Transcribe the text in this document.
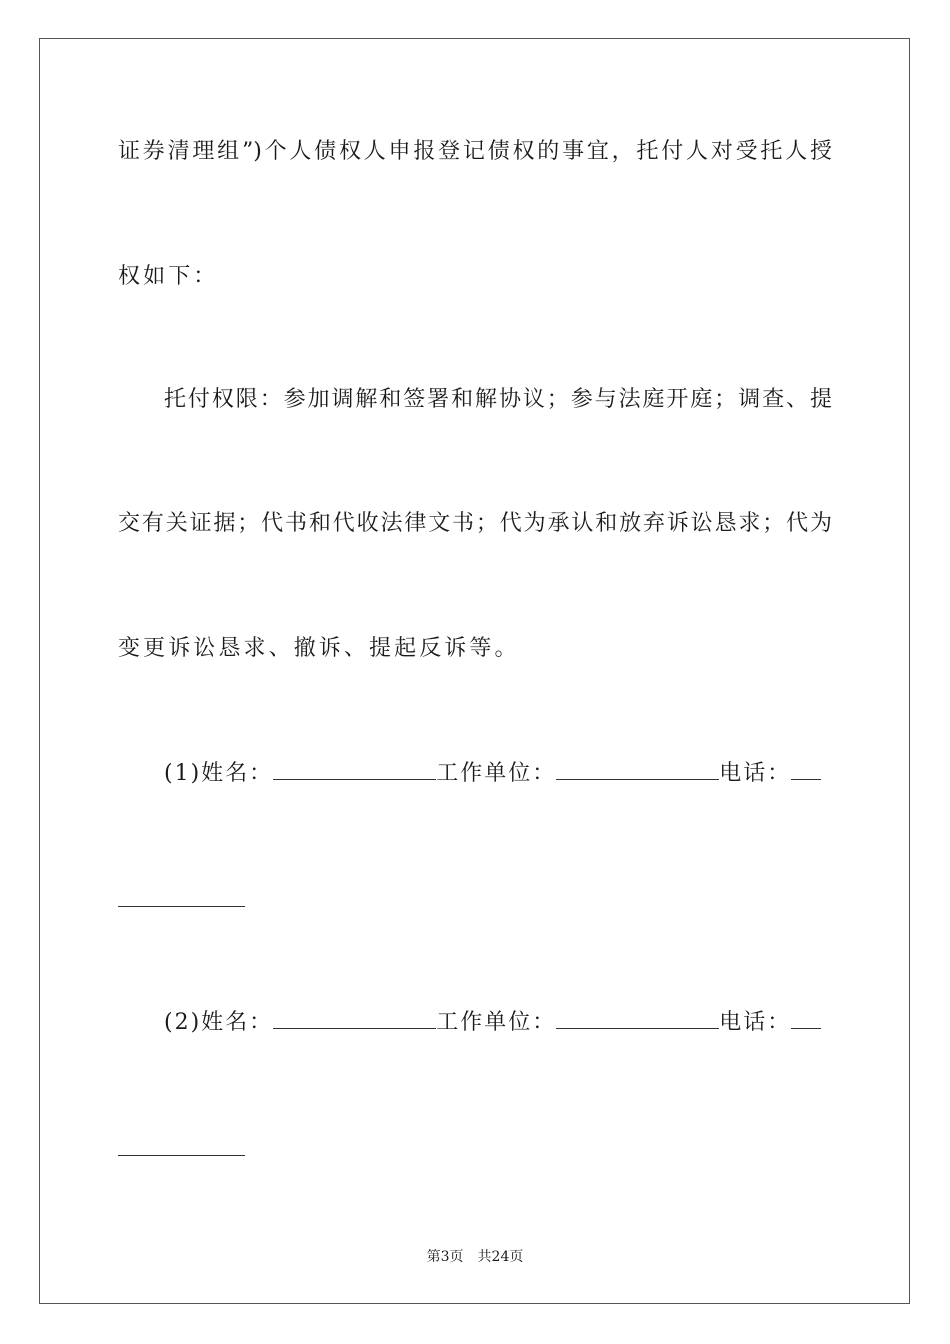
证券清理组”)个人债权人申报登记债权的事宜，托付人对受托人授
权如下：
托付权限：参加调解和签署和解协议；参与法庭开庭；调查、提
交有关证据；代书和代收法律文书；代为承认和放弃诉讼恳求；代为
变更诉讼恳求、撤诉、提起反诉等。
(1)姓名：	工作单位：	电话：
(2)姓名：	工作单位：	电话：
第3页 共24页
